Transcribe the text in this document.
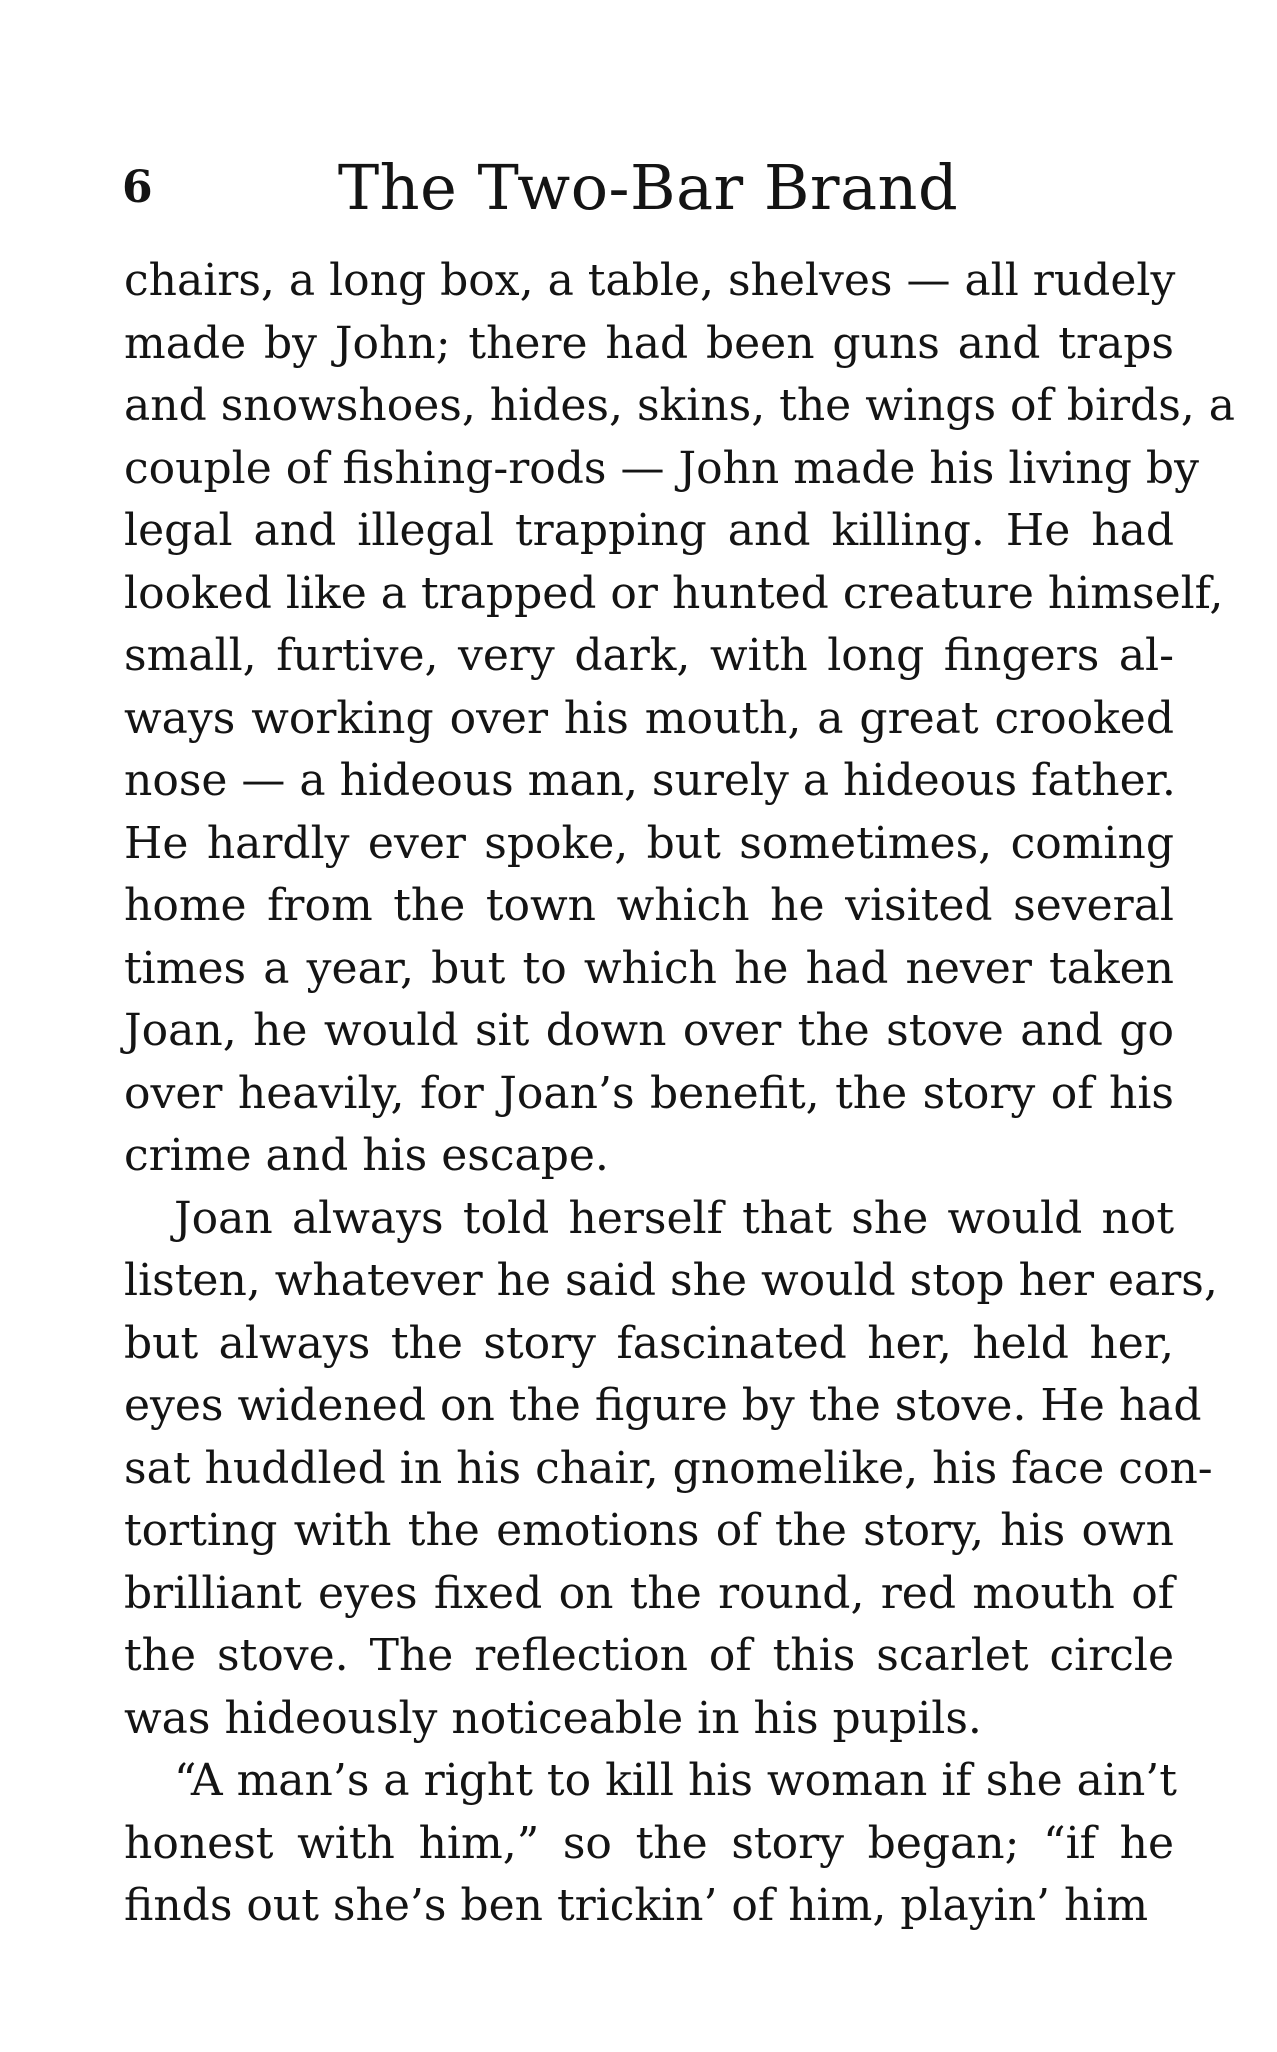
6	The Two-Bar Brand
chairs, a long box, a table, shelves — all rudely
made by John; there had been guns and traps
and snowshoes, hides, skins, the wings of birds, a
couple of fishing-rods — John made his living by
legal and illegal trapping and killing. He had
looked like a trapped or hunted creature himself,
small, furtive, very dark, with long fingers al-
ways working over his mouth, a great crooked
nose — a hideous man, surely a hideous father.
He hardly ever spoke, but sometimes, coming
home from the town which he visited several
times a year, but to which he had never taken
Joan, he would sit down over the stove and go
over heavily, for Joan’s benefit, the story of his
crime and his escape.
Joan always told herself that she would not
listen, whatever he said she would stop her ears,
but always the story fascinated her, held her,
eyes widened on the figure by the stove. He had
sat huddled in his chair, gnomelike, his face con-
torting with the emotions of the story, his own
brilliant eyes fixed on the round, red mouth of
the stove. The reflection of this scarlet circle
was hideously noticeable in his pupils.
“A man’s a right to kill his woman if she ain’t
honest with him,” so the story began; “if he
finds out she’s ben trickin’ of him, playin’ him
